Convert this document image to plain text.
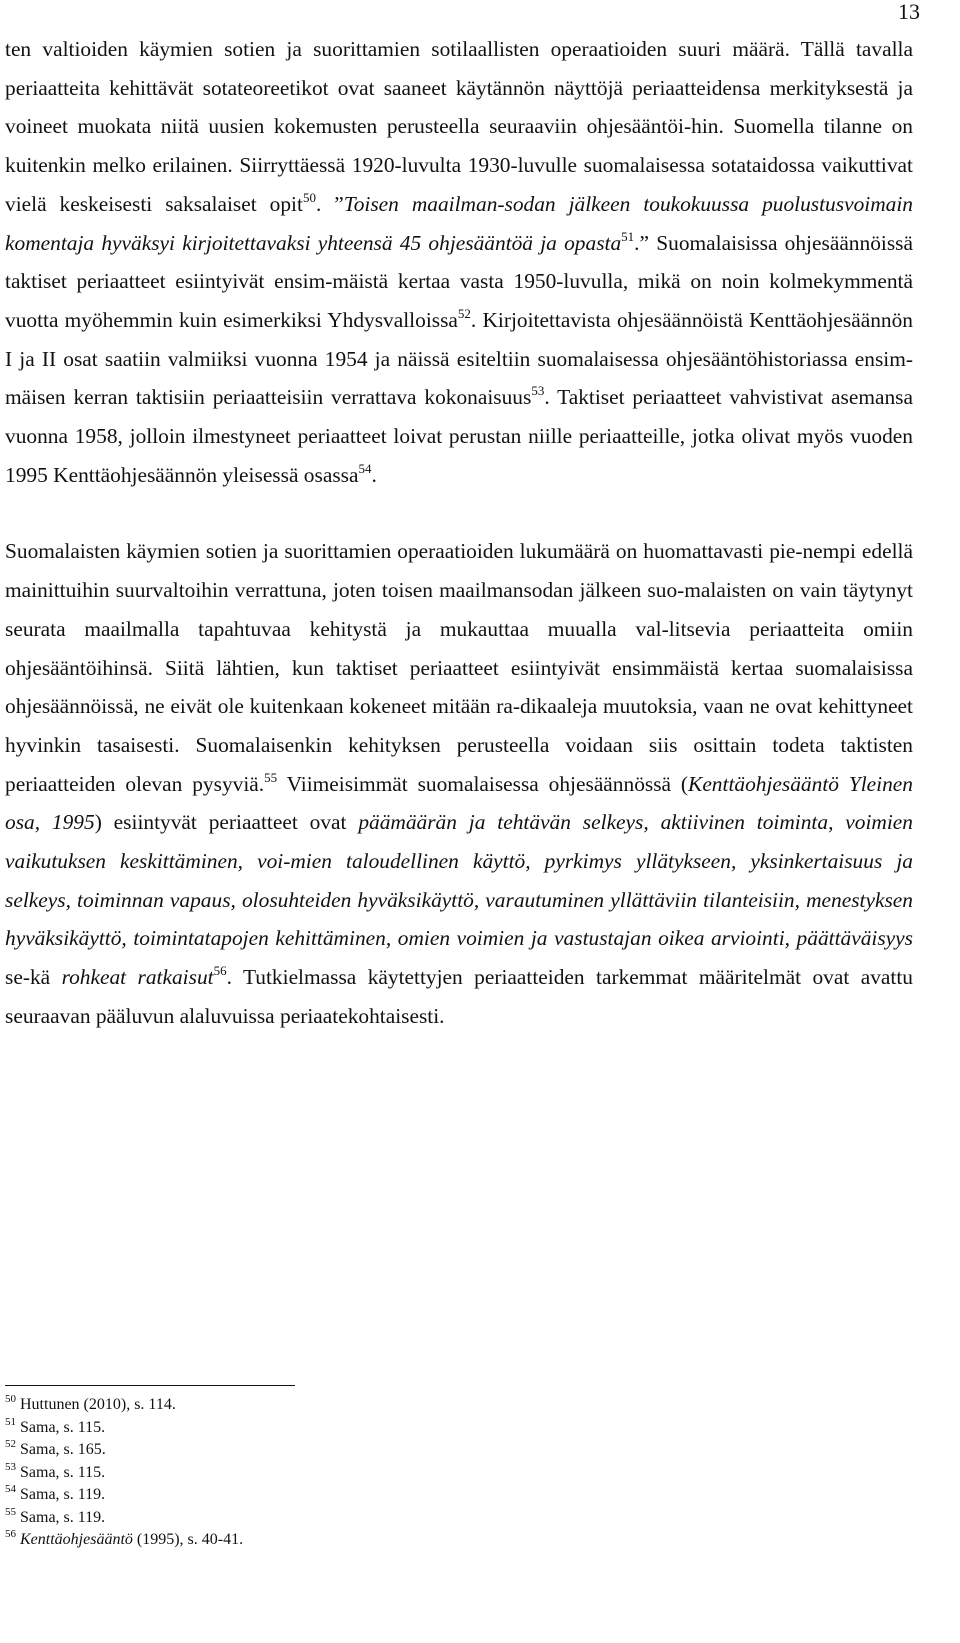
13

ten valtioiden käymien sotien ja suorittamien sotilaallisten operaatioiden suuri määrä. Tällä tavalla periaatteita kehittävät sotateoreetikot ovat saaneet käytännön näyttöjä periaatteidensa merkityksestä ja voineet muokata niitä uusien kokemusten perusteella seuraaviin ohjesääntöi-hin. Suomella tilanne on kuitenkin melko erilainen. Siirryttäessä 1920-luvulta 1930-luvulle suomalaisessa sotataidossa vaikuttivat vielä keskeisesti saksalaiset opit$^{50}$. ”Toisen maailman-sodan jälkeen toukokuussa puolustusvoimain komentaja hyväksyi kirjoitettavaksi yhteensä 45 ohjesääntöä ja opasta$^{51}$.” Suomalaisissa ohjesäännöissä taktiset periaatteet esiintyivät ensim-mäistä kertaa vasta 1950-luvulla, mikä on noin kolmekymmentä vuotta myöhemmin kuin esimerkiksi Yhdysvalloissa$^{52}$. Kirjoitettavista ohjesäännöistä Kenttäohjesäännön I ja II osat saatiin valmiiksi vuonna 1954 ja näissä esiteltiin suomalaisessa ohjesääntöhistoriassa ensim-mäisen kerran taktisiin periaatteisiin verrattava kokonaisuus$^{53}$. Taktiset periaatteet vahvistivat asemansa vuonna 1958, jolloin ilmestyneet periaatteet loivat perustan niille periaatteille, jotka olivat myös vuoden 1995 Kenttäohjesäännön yleisessä osassa$^{54}$.

Suomalaisten käymien sotien ja suorittamien operaatioiden lukumäärä on huomattavasti pie-nempi edellä mainittuihin suurvaltoihin verrattuna, joten toisen maailmansodan jälkeen suo-malaisten on vain täytynyt seurata maailmalla tapahtuvaa kehitystä ja mukauttaa muualla val-litsevia periaatteita omiin ohjesääntöihinsä. Siitä lähtien, kun taktiset periaatteet esiintyivät ensimmäistä kertaa suomalaisissa ohjesäännöissä, ne eivät ole kuitenkaan kokeneet mitään ra-dikaaleja muutoksia, vaan ne ovat kehittyneet hyvinkin tasaisesti. Suomalaisenkin kehityksen perusteella voidaan siis osittain todeta taktisten periaatteiden olevan pysyviä.$^{55}$ Viimeisimmät suomalaisessa ohjesäännössä (Kenttäohjesääntö Yleinen osa, 1995) esiintyvät periaatteet ovat päämäärän ja tehtävän selkeys, aktiivinen toiminta, voimien vaikutuksen keskittäminen, voi-mien taloudellinen käyttö, pyrkimys yllätykseen, yksinkertaisuus ja selkeys, toiminnan vapaus, olosuhteiden hyväksikäyttö, varautuminen yllättäviin tilanteisiin, menestyksen hyväksikäyttö, toimintatapojen kehittäminen, omien voimien ja vastustajan oikea arviointi, päättäväisyys se-kä rohkeat ratkaisut$^{56}$. Tutkielmassa käytettyjen periaatteiden tarkemmat määritelmät ovat avattu seuraavan pääluvun alaluvuissa periaatekohtaisesti.

$^{50}$ Huttunen (2010), s. 114.
$^{51}$ Sama, s. 115.
$^{52}$ Sama, s. 165.
$^{53}$ Sama, s. 115.
$^{54}$ Sama, s. 119.
$^{55}$ Sama, s. 119.
$^{56}$ Kenttäohjesääntö (1995), s. 40-41.
